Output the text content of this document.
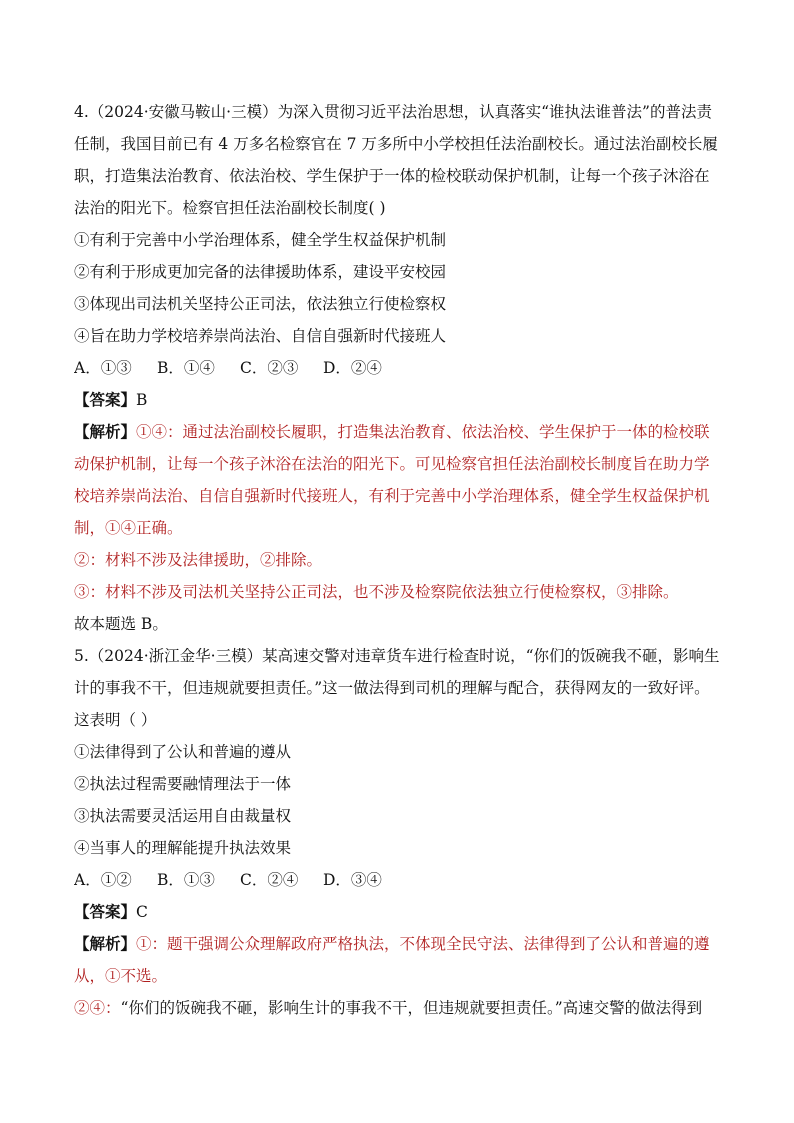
4.（2024·安徽马鞍山·三模）为深入贯彻习近平法治思想，认真落实“谁执法谁普法”的普法责
任制，我国目前已有 4 万多名检察官在 7 万多所中小学校担任法治副校长。通过法治副校长履
职，打造集法治教育、依法治校、学生保护于一体的检校联动保护机制，让每一个孩子沐浴在
法治的阳光下。检察官担任法治副校长制度( )
①有利于完善中小学治理体系，健全学生权益保护机制
②有利于形成更加完备的法律援助体系，建设平安校园
③体现出司法机关坚持公正司法，依法独立行使检察权
④旨在助力学校培养崇尚法治、自信自强新时代接班人
A．①③ B．①④ C．②③ D．②④
【答案】B
【解析】①④：通过法治副校长履职，打造集法治教育、依法治校、学生保护于一体的检校联
动保护机制，让每一个孩子沐浴在法治的阳光下。可见检察官担任法治副校长制度旨在助力学
校培养崇尚法治、自信自强新时代接班人，有利于完善中小学治理体系，健全学生权益保护机
制，①④正确。
②：材料不涉及法律援助，②排除。
③：材料不涉及司法机关坚持公正司法，也不涉及检察院依法独立行使检察权，③排除。
故本题选 B。
5.（2024·浙江金华·三模）某高速交警对违章货车进行检查时说，“你们的饭碗我不砸，影响生
计的事我不干，但违规就要担责任。”这一做法得到司机的理解与配合，获得网友的一致好评。
这表明（ ）
①法律得到了公认和普遍的遵从
②执法过程需要融情理法于一体
③执法需要灵活运用自由裁量权
④当事人的理解能提升执法效果
A．①② B．①③ C．②④ D．③④
【答案】C
【解析】①：题干强调公众理解政府严格执法，不体现全民守法、法律得到了公认和普遍的遵
从，①不选。
②④：“你们的饭碗我不砸，影响生计的事我不干，但违规就要担责任。”高速交警的做法得到
